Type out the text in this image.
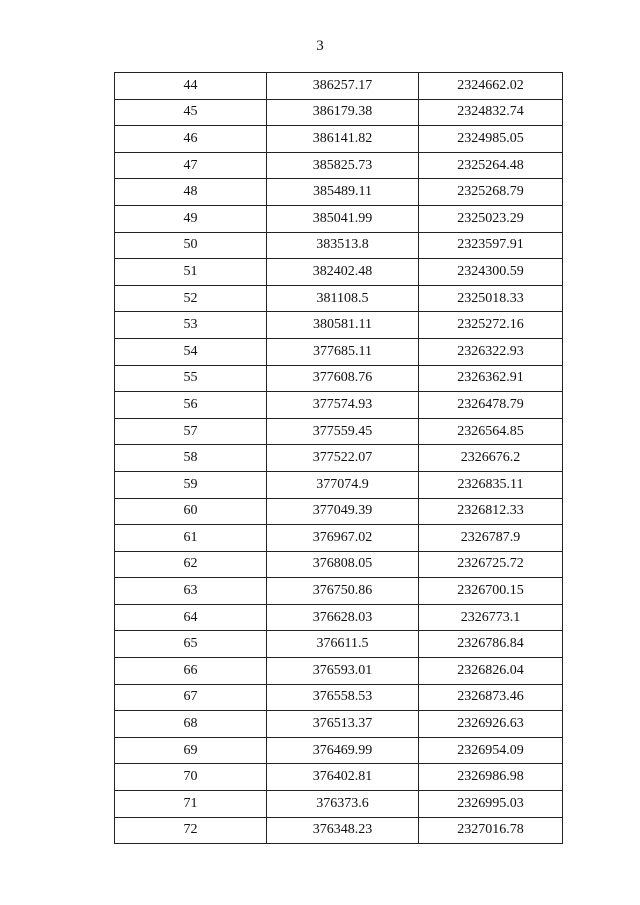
3
44	386257.17	2324662.02
45	386179.38	2324832.74
46	386141.82	2324985.05
47	385825.73	2325264.48
48	385489.11	2325268.79
49	385041.99	2325023.29
50	383513.8	2323597.91
51	382402.48	2324300.59
52	381108.5	2325018.33
53	380581.11	2325272.16
54	377685.11	2326322.93
55	377608.76	2326362.91
56	377574.93	2326478.79
57	377559.45	2326564.85
58	377522.07	2326676.2
59	377074.9	2326835.11
60	377049.39	2326812.33
61	376967.02	2326787.9
62	376808.05	2326725.72
63	376750.86	2326700.15
64	376628.03	2326773.1
65	376611.5	2326786.84
66	376593.01	2326826.04
67	376558.53	2326873.46
68	376513.37	2326926.63
69	376469.99	2326954.09
70	376402.81	2326986.98
71	376373.6	2326995.03
72	376348.23	2327016.78
